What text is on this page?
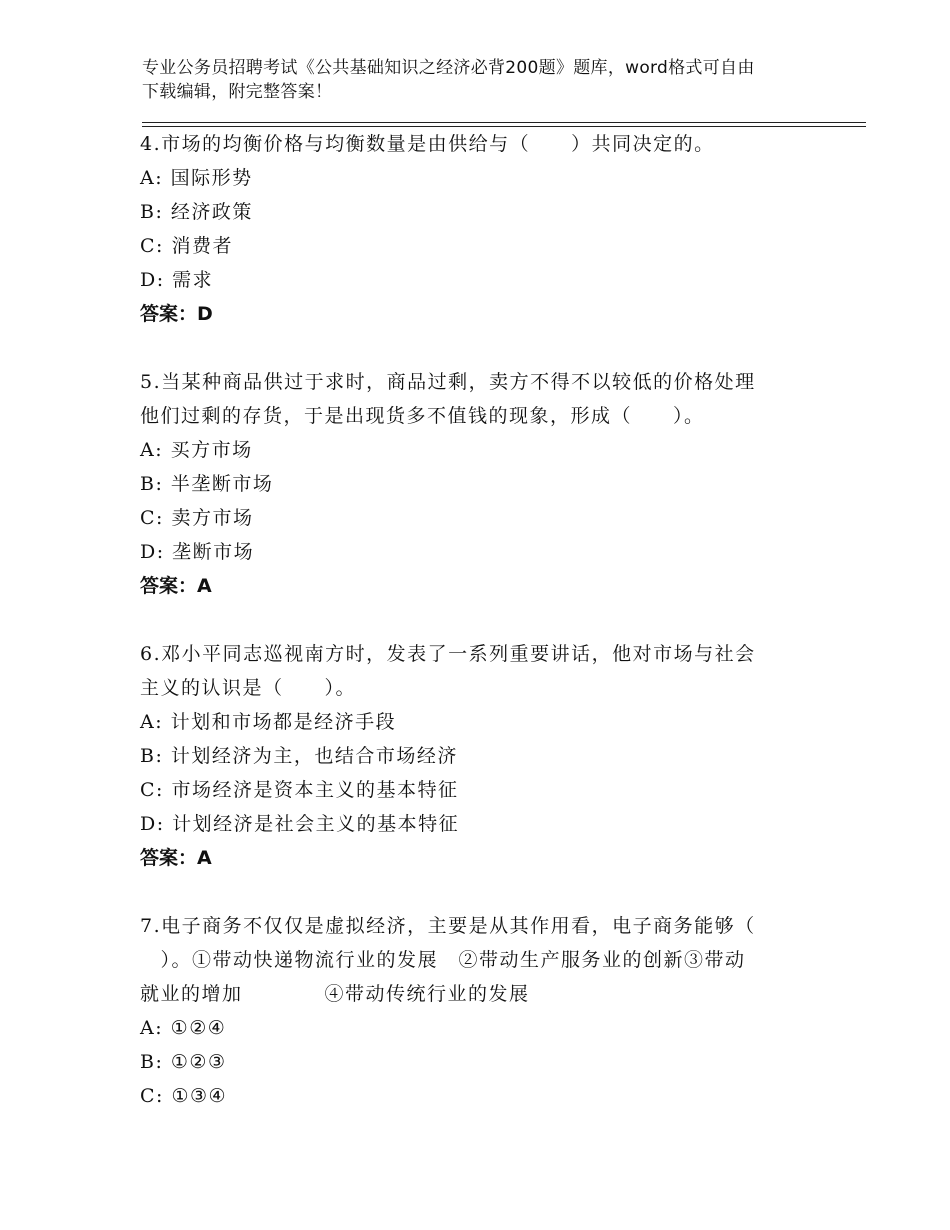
专业公务员招聘考试《公共基础知识之经济必背200题》题库，word格式可自由
下载编辑，附完整答案！
4.市场的均衡价格与均衡数量是由供给与（　　）共同决定的。
A: 国际形势
B: 经济政策
C: 消费者
D: 需求
答案：D
5.当某种商品供过于求时，商品过剩，卖方不得不以较低的价格处理
他们过剩的存货，于是出现货多不值钱的现象，形成（　　）。
A: 买方市场
B: 半垄断市场
C: 卖方市场
D: 垄断市场
答案：A
6.邓小平同志巡视南方时，发表了一系列重要讲话，他对市场与社会
主义的认识是（　　）。
A: 计划和市场都是经济手段
B: 计划经济为主，也结合市场经济
C: 市场经济是资本主义的基本特征
D: 计划经济是社会主义的基本特征
答案：A
7.电子商务不仅仅是虚拟经济，主要是从其作用看，电子商务能够（
　）。①带动快递物流行业的发展　②带动生产服务业的创新③带动
就业的增加　　　　④带动传统行业的发展
A: ①②④
B: ①②③
C: ①③④
